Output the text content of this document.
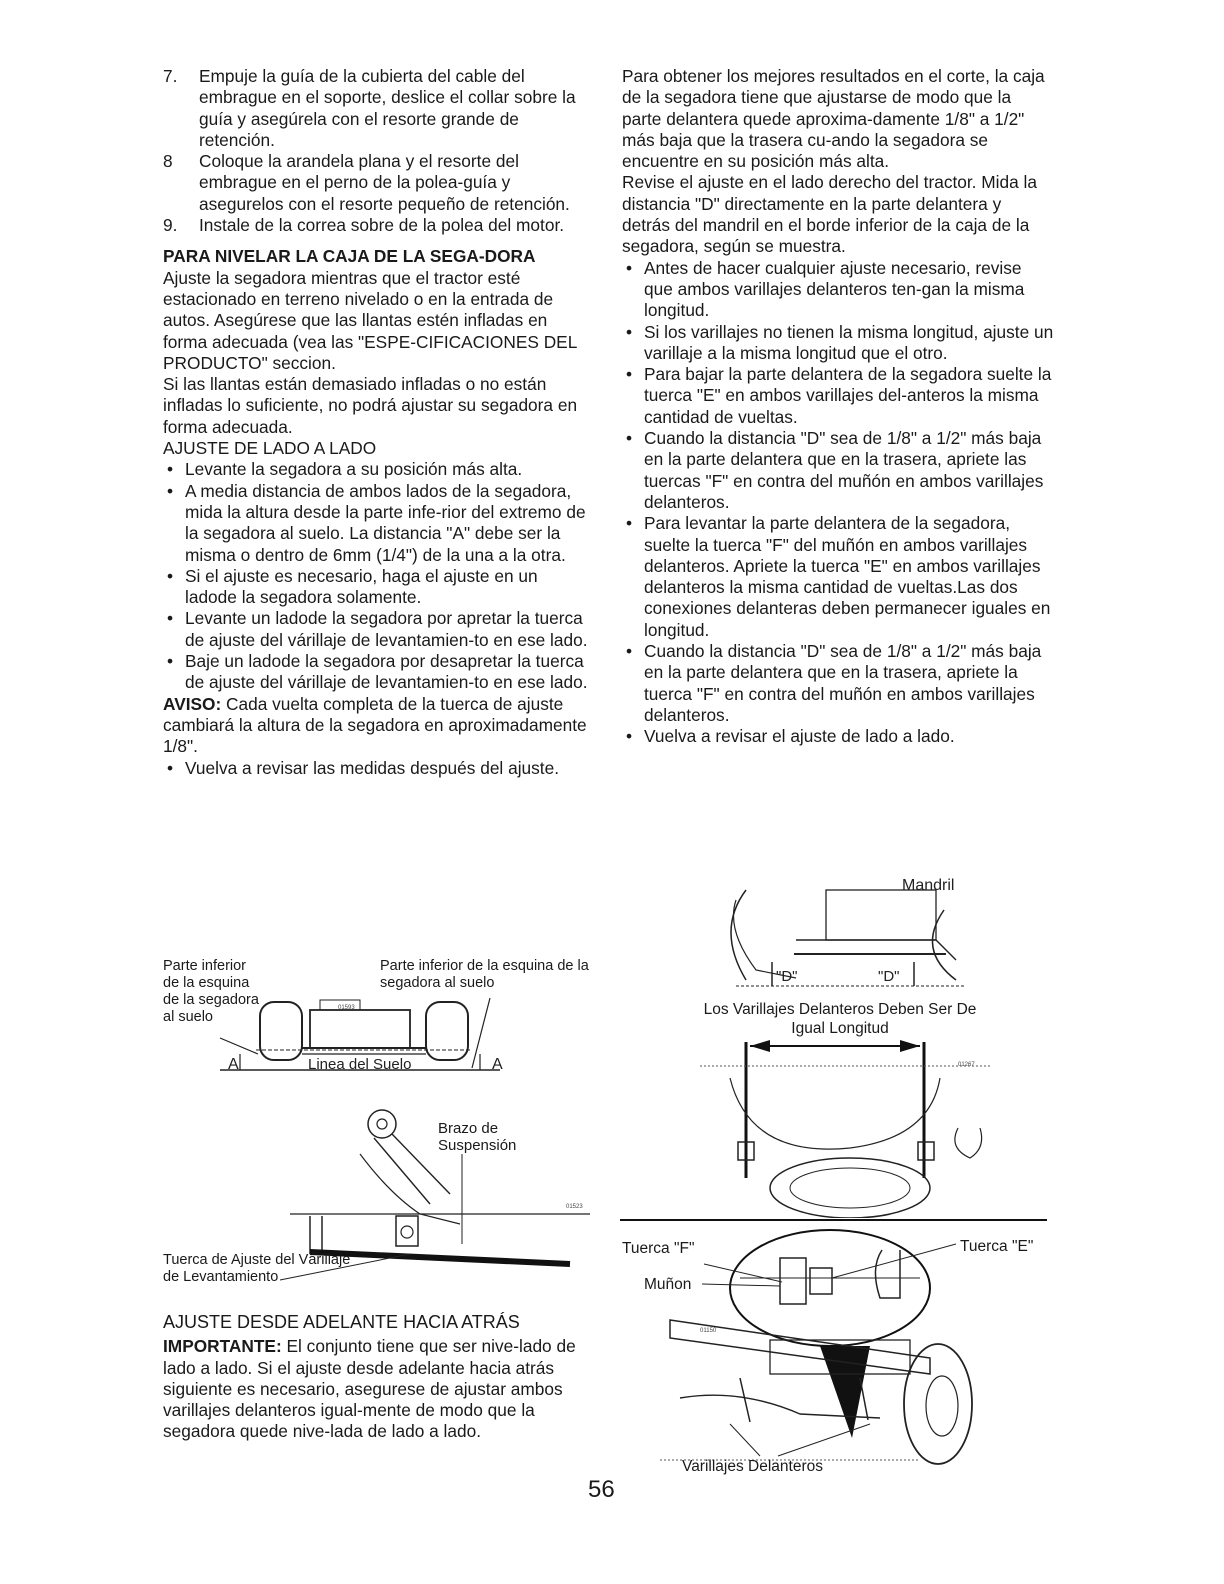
7. Empuje la guía de la cubierta del cable del embrague en el soporte, deslice el collar sobre la guía y asegúrela con el resorte grande de retención.
8 Coloque la arandela plana y el resorte del embrague en el perno de la polea-guía y asegurelos con el resorte pequeño de retención.
9. Instale de la correa sobre de la polea del motor.

PARA NIVELAR LA CAJA DE LA SEGA-DORA

Ajuste la segadora mientras que el tractor esté estacionado en terreno nivelado o en la entrada de autos. Asegúrese que las llantas estén infladas en forma adecuada (vea las "ESPE-CIFICACIONES DEL PRODUCTO" seccion.

Si las llantas están demasiado infladas o no están infladas lo suficiente, no podrá ajustar su segadora en forma adecuada.

AJUSTE DE LADO A LADO

• Levante la segadora a su posición más alta.
• A media distancia de ambos lados de la segadora, mida la altura desde la parte infe-rior del extremo de la segadora al suelo. La distancia "A" debe ser la misma o dentro de 6mm (1/4") de la una a la otra.
• Si el ajuste es necesario, haga el ajuste en un ladode la segadora solamente.
• Levante un ladode la segadora por apretar la tuerca de ajuste del várillaje de levantamien-to en ese lado.
• Baje un ladode la segadora por desapretar la tuerca de ajuste del várillaje de levantamien-to en ese lado.

AVISO: Cada vuelta completa de la tuerca de ajuste cambiará la altura de la segadora en aproximadamente 1/8".

• Vuelva a revisar las medidas después del ajuste.
Parte inferior de la esquina de la segadora al suelo
Parte inferior de la esquina de la segadora al suelo
A	A
Linea del Suelo
01593
01523
Brazo de Suspensión
Tuerca de Ajuste del Várillaje de Levantamiento

AJUSTE DESDE ADELANTE HACIA ATRÁS

IMPORTANTE: El conjunto tiene que ser nive-lado de lado a lado. Si el ajuste desde adelante hacia atrás siguiente es necesario, asegurese de ajustar ambos varillajes delanteros igual-mente de modo que la segadora quede nive-lada de lado a lado.

Para obtener los mejores resultados en el corte, la caja de la segadora tiene que ajustarse de modo que la parte delantera quede aproxima-damente 1/8" a 1/2" más baja que la trasera cu-ando la segadora se encuentre en su posición más alta.

Revise el ajuste en el lado derecho del tractor. Mida la distancia "D" directamente en la parte delantera y detrás del mandril en el borde inferior de la caja de la segadora, según se muestra.

• Antes de hacer cualquier ajuste necesario, revise que ambos varillajes delanteros ten-gan la misma longitud.
• Si los varillajes no tienen la misma longitud, ajuste un varillaje a la misma longitud que el otro.
• Para bajar la parte delantera de la segadora suelte la tuerca "E" en ambos varillajes del-anteros la misma cantidad de vueltas.
• Cuando la distancia "D" sea de 1/8" a 1/2" más baja en la parte delantera que en la trasera, apriete las tuercas "F" en contra del muñón en ambos varillajes delanteros.
• Para levantar la parte delantera de la segadora, suelte la tuerca "F" del muñón en ambos varillajes delanteros. Apriete la tuerca "E" en ambos varillajes delanteros la misma cantidad de vueltas.Las dos conexiones delanteras deben permanecer iguales en longitud.
• Cuando la distancia "D" sea de 1/8" a 1/2" más baja en la parte delantera que en la trasera, apriete la tuerca "F" en contra del muñón en ambos varillajes delanteros.
• Vuelva a revisar el ajuste de lado a lado.
"D"	"D"
Mandril
Los Varillajes Delanteros Deben Ser De Igual Longitud
01267
01150
Tuerca "F"	Tuerca "E"
Muñon
Varillajes Delanteros
56
